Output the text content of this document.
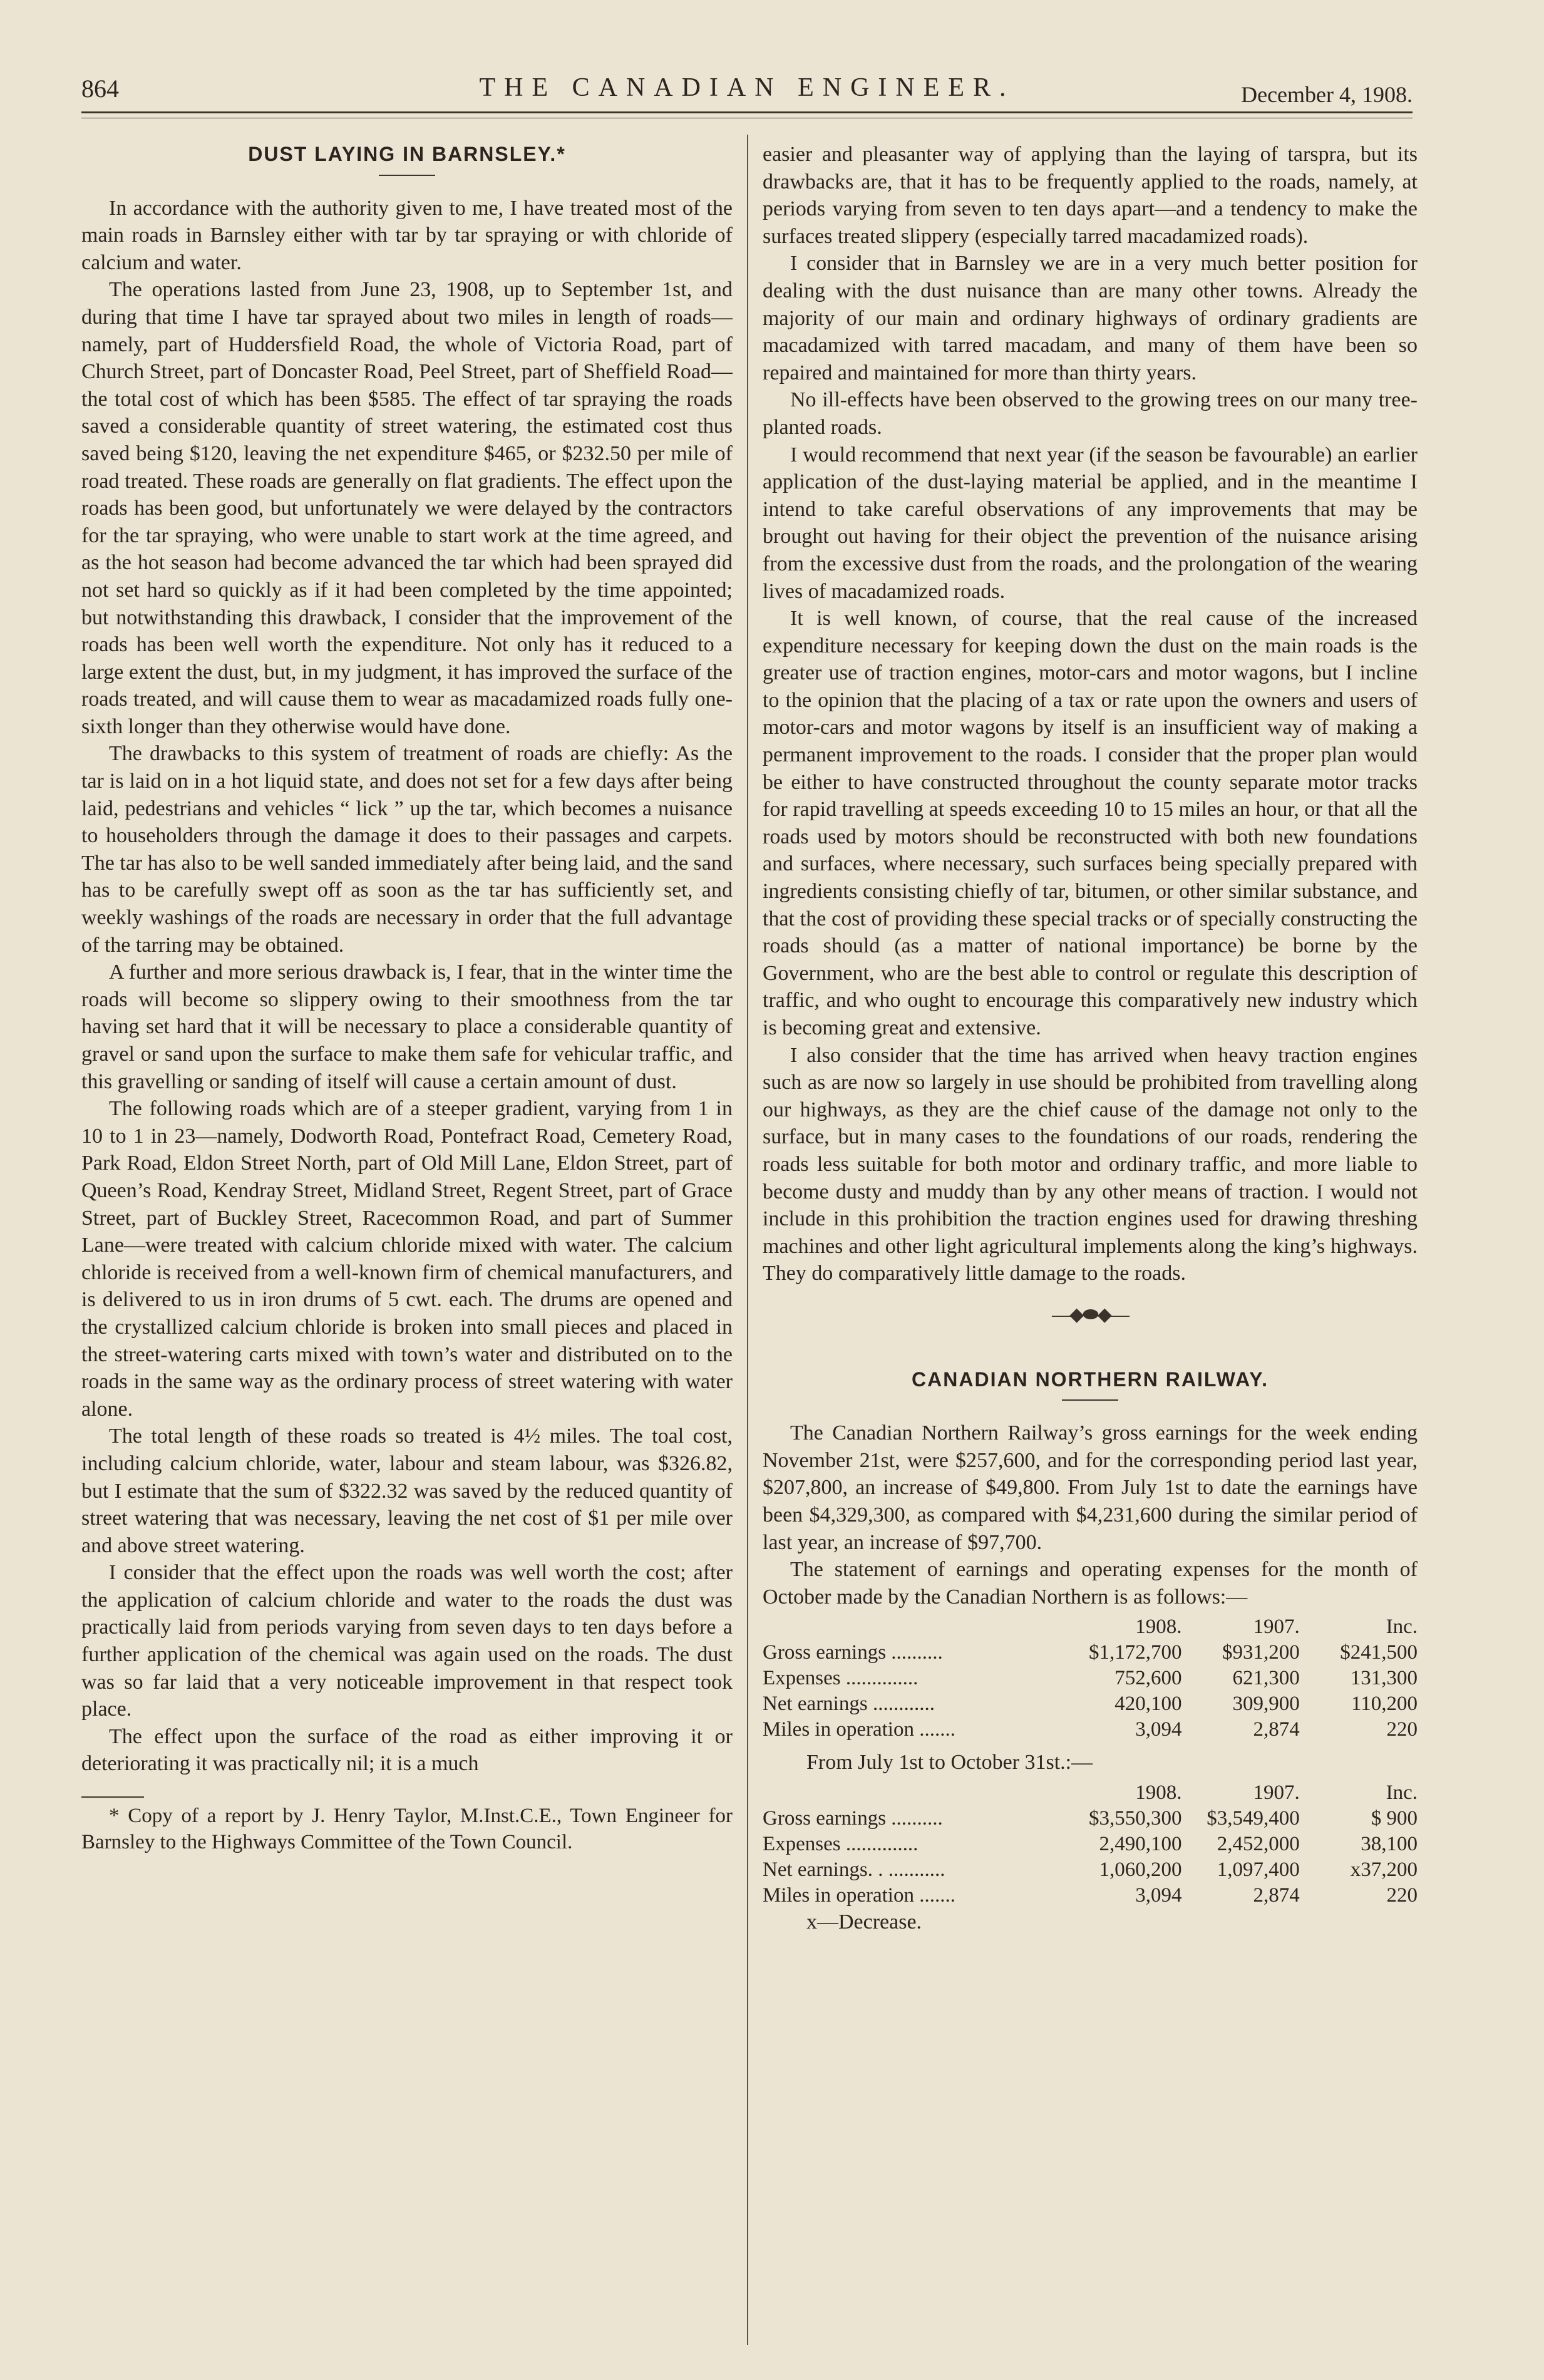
864	THE CANADIAN ENGINEER.	December 4, 1908.
DUST LAYING IN BARNSLEY.*

In accordance with the authority given to me, I have treated most of the main roads in Barnsley either with tar by tar spraying or with chloride of calcium and water.

The operations lasted from June 23, 1908, up to September 1st, and during that time I have tar sprayed about two miles in length of roads—namely, part of Huddersfield Road, the whole of Victoria Road, part of Church Street, part of Doncaster Road, Peel Street, part of Sheffield Road—the total cost of which has been $585. The effect of tar spraying the roads saved a considerable quantity of street watering, the estimated cost thus saved being $120, leaving the net expenditure $465, or $232.50 per mile of road treated. These roads are generally on flat gradients. The effect upon the roads has been good, but unfortunately we were delayed by the contractors for the tar spraying, who were unable to start work at the time agreed, and as the hot season had become advanced the tar which had been sprayed did not set hard so quickly as if it had been completed by the time appointed; but notwithstanding this drawback, I consider that the improvement of the roads has been well worth the expenditure. Not only has it reduced to a large extent the dust, but, in my judgment, it has improved the surface of the roads treated, and will cause them to wear as macadamized roads fully one-sixth longer than they otherwise would have done.

The drawbacks to this system of treatment of roads are chiefly: As the tar is laid on in a hot liquid state, and does not set for a few days after being laid, pedestrians and vehicles “ lick ” up the tar, which becomes a nuisance to householders through the damage it does to their passages and carpets. The tar has also to be well sanded immediately after being laid, and the sand has to be carefully swept off as soon as the tar has sufficiently set, and weekly washings of the roads are necessary in order that the full advantage of the tarring may be obtained.

A further and more serious drawback is, I fear, that in the winter time the roads will become so slippery owing to their smoothness from the tar having set hard that it will be necessary to place a considerable quantity of gravel or sand upon the surface to make them safe for vehicular traffic, and this gravelling or sanding of itself will cause a certain amount of dust.

The following roads which are of a steeper gradient, varying from 1 in 10 to 1 in 23—namely, Dodworth Road, Pontefract Road, Cemetery Road, Park Road, Eldon Street North, part of Old Mill Lane, Eldon Street, part of Queen’s Road, Kendray Street, Midland Street, Regent Street, part of Grace Street, part of Buckley Street, Racecommon Road, and part of Summer Lane—were treated with calcium chloride mixed with water. The calcium chloride is received from a well-known firm of chemical manufacturers, and is delivered to us in iron drums of 5 cwt. each. The drums are opened and the crystallized calcium chloride is broken into small pieces and placed in the street-watering carts mixed with town’s water and distributed on to the roads in the same way as the ordinary process of street watering with water alone.

The total length of these roads so treated is 4½ miles. The toal cost, including calcium chloride, water, labour and steam labour, was $326.82, but I estimate that the sum of $322.32 was saved by the reduced quantity of street watering that was necessary, leaving the net cost of $1 per mile over and above street watering.

I consider that the effect upon the roads was well worth the cost; after the application of calcium chloride and water to the roads the dust was practically laid from periods varying from seven days to ten days before a further application of the chemical was again used on the roads. The dust was so far laid that a very noticeable improvement in that respect took place.

The effect upon the surface of the road as either improving it or deteriorating it was practically nil; it is a much

* Copy of a report by J. Henry Taylor, M.Inst.C.E., Town Engineer for Barnsley to the Highways Committee of the Town Council.

easier and pleasanter way of applying than the laying of tarspra, but its drawbacks are, that it has to be frequently applied to the roads, namely, at periods varying from seven to ten days apart—and a tendency to make the surfaces treated slippery (especially tarred macadamized roads).

I consider that in Barnsley we are in a very much better position for dealing with the dust nuisance than are many other towns. Already the majority of our main and ordinary highways of ordinary gradients are macadamized with tarred macadam, and many of them have been so repaired and maintained for more than thirty years.

No ill-effects have been observed to the growing trees on our many tree-planted roads.

I would recommend that next year (if the season be favourable) an earlier application of the dust-laying material be applied, and in the meantime I intend to take careful observations of any improvements that may be brought out having for their object the prevention of the nuisance arising from the excessive dust from the roads, and the prolongation of the wearing lives of macadamized roads.

It is well known, of course, that the real cause of the increased expenditure necessary for keeping down the dust on the main roads is the greater use of traction engines, motor-cars and motor wagons, but I incline to the opinion that the placing of a tax or rate upon the owners and users of motor-cars and motor wagons by itself is an insufficient way of making a permanent improvement to the roads. I consider that the proper plan would be either to have constructed throughout the county separate motor tracks for rapid travelling at speeds exceeding 10 to 15 miles an hour, or that all the roads used by motors should be reconstructed with both new foundations and surfaces, where necessary, such surfaces being specially prepared with ingredients consisting chiefly of tar, bitumen, or other similar substance, and that the cost of providing these special tracks or of specially constructing the roads should (as a matter of national importance) be borne by the Government, who are the best able to control or regulate this description of traffic, and who ought to encourage this comparatively new industry which is becoming great and extensive.

I also consider that the time has arrived when heavy traction engines such as are now so largely in use should be prohibited from travelling along our highways, as they are the chief cause of the damage not only to the surface, but in many cases to the foundations of our roads, rendering the roads less suitable for both motor and ordinary traffic, and more liable to become dusty and muddy than by any other means of traction. I would not include in this prohibition the traction engines used for drawing threshing machines and other light agricultural implements along the king’s highways. They do comparatively little damage to the roads.

—◆⬬◆—
CANADIAN NORTHERN RAILWAY.

The Canadian Northern Railway’s gross earnings for the week ending November 21st, were $257,600, and for the corresponding period last year, $207,800, an increase of $49,800. From July 1st to date the earnings have been $4,329,300, as compared with $4,231,600 during the similar period of last year, an increase of $97,700.

The statement of earnings and operating expenses for the month of October made by the Canadian Northern is as follows:—

	1908.	1907.	Inc.
Gross earnings ..........	$1,172,700	$931,200	$241,500
Expenses ..............	752,600	621,300	131,300
Net earnings ............	420,100	309,900	110,200
Miles in operation .......	3,094	2,874	220
From July 1st to October 31st.:—
	1908.	1907.	Inc.
Gross earnings ..........	$3,550,300	$3,549,400	$ 900
Expenses ..............	2,490,100	2,452,000	38,100
Net earnings. . ...........	1,060,200	1,097,400	x37,200
Miles in operation .......	3,094	2,874	220
x—Decrease.
